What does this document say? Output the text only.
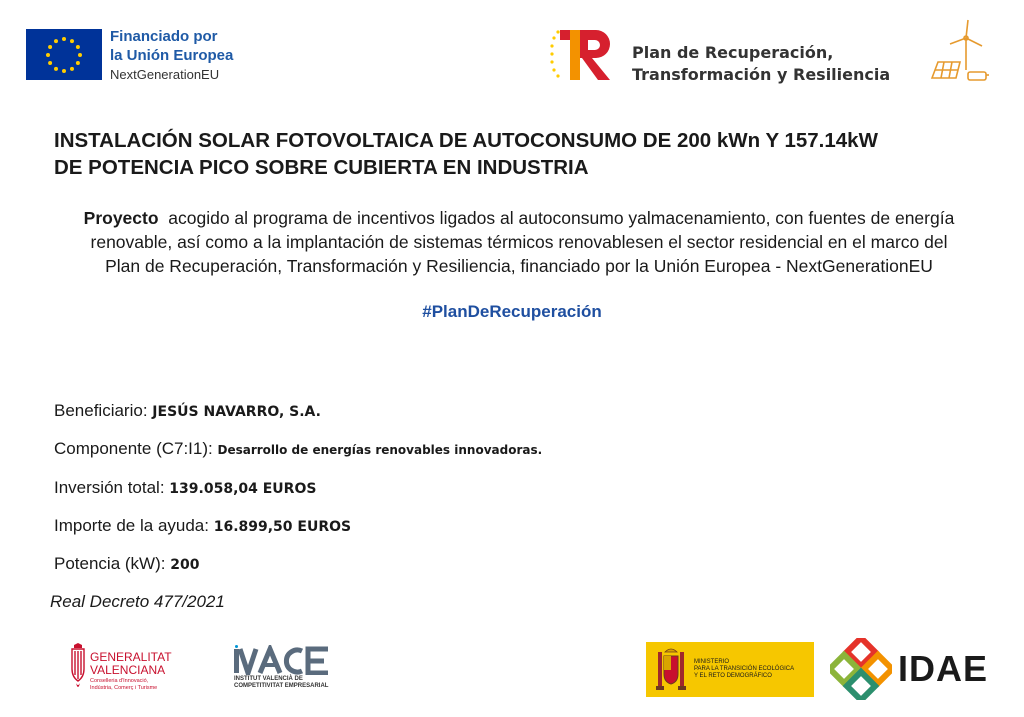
Financiado por
la Unión Europea
NextGenerationEU
Plan de Recuperación,
Transformación y Resiliencia
INSTALACIÓN SOLAR FOTOVOLTAICA DE AUTOCONSUMO DE 200 kWn Y 157.14kW
DE POTENCIA PICO SOBRE CUBIERTA EN INDUSTRIA
Proyecto  acogido al programa de incentivos ligados al autoconsumo yalmacenamiento, con fuentes de energía
renovable, así como a la implantación de sistemas térmicos renovablesen el sector residencial en el marco del
Plan de Recuperación, Transformación y Resiliencia, financiado por la Unión Europea - NextGenerationEU
#PlanDeRecuperación
Beneficiario: JESÚS NAVARRO, S.A.
Componente (C7:I1): Desarrollo de energías renovables innovadoras.
Inversión total: 139.058,04 EUROS
Importe de la ayuda: 16.899,50 EUROS
Potencia (kW): 200
Real Decreto 477/2021
GENERALITAT
VALENCIANA
Conselleria d'Innovació,
Indústria, Comerç i Turisme
INSTITUT VALENCIÀ DE
COMPETITIVITAT EMPRESARIAL
MINISTERIO
PARA LA TRANSICIÓN ECOLÓGICA
Y EL RETO DEMOGRÁFICO	IDAE
